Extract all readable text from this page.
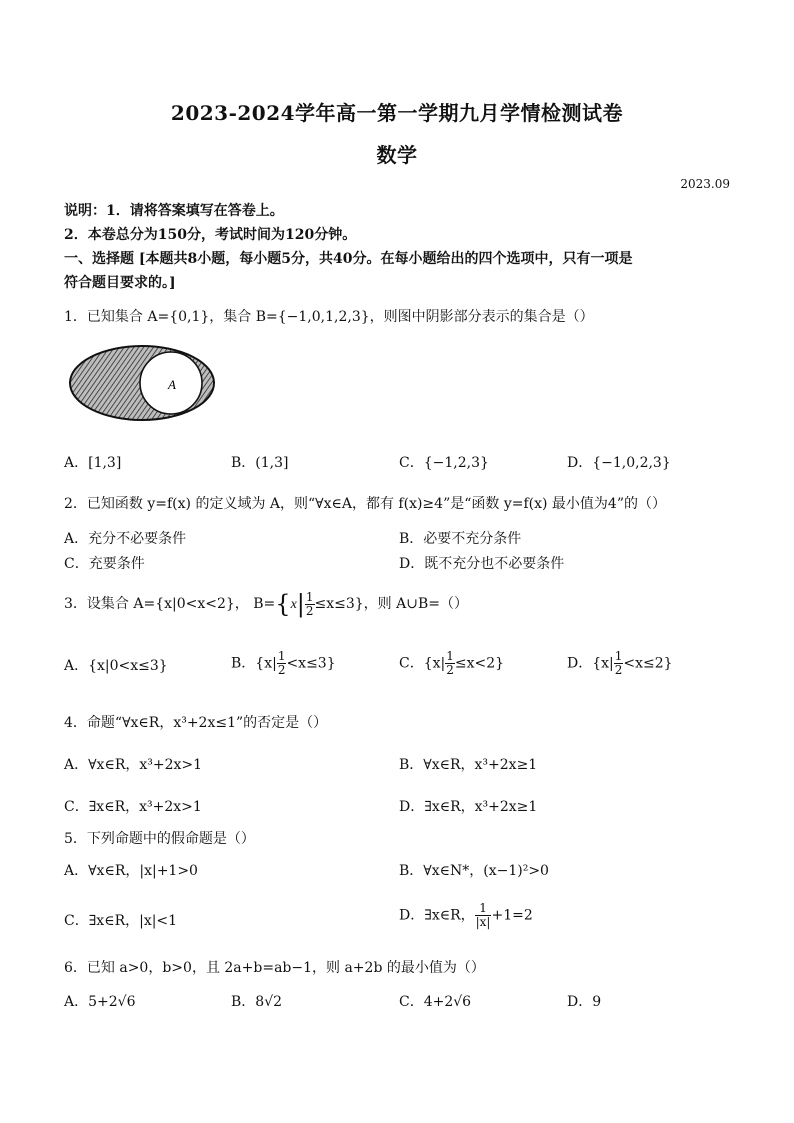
2023-2024学年高一第一学期九月学情检测试卷
数学
2023.09
说明：1．请将答案填写在答卷上。
2．本卷总分为150分，考试时间为120分钟。
一、选择题 [本题共8小题，每小题5分，共40分。在每小题给出的四个选项中，只有一项是
符合题目要求的。]
1．已知集合 A={0,1}，集合 B={−1,0,1,2,3}，则图中阴影部分表示的集合是（）
A
A．[1,3]	B．(1,3]	C．{−1,2,3}	D．{−1,0,2,3}
2．已知函数 y=f(x) 的定义域为 A，则“∀x∈A，都有 f(x)≥4”是“函数 y=f(x) 最小值为4”的（）
A．充分不必要条件	B．必要不充分条件
C．充要条件	D．既不充分也不必要条件
3．设集合 A={x|0<x<2}， $B=\{x| \frac{1}{2} \le x\le 3\}$，则 A∪B=（）
A．{x|0<x≤3}	B．$\{x| \frac{1}{2} <x\le 3\}$	C．$\{x| \frac{1}{2} \le x<2\}$	D．$\{x| \frac{1}{2} <x\le 2\}$
4．命题“∀x∈R，x³+2x≤1”的否定是（）
A．∀x∈R，x³+2x>1	B．∀x∈R，x³+2x≥1
C．∃x∈R，x³+2x>1	D．∃x∈R，x³+2x≥1
5．下列命题中的假命题是（）
A．∀x∈R，|x|+1>0	B．∀x∈N*，(x−1)²>0
C．∃x∈R，|x|<1	D．∃x∈R， $\frac{1}{|x|} +1=2$
6．已知 a>0，b>0，且 2a+b=ab−1，则 a+2b 的最小值为（）
A．5+2√6	B．8√2	C．4+2√6	D．9
